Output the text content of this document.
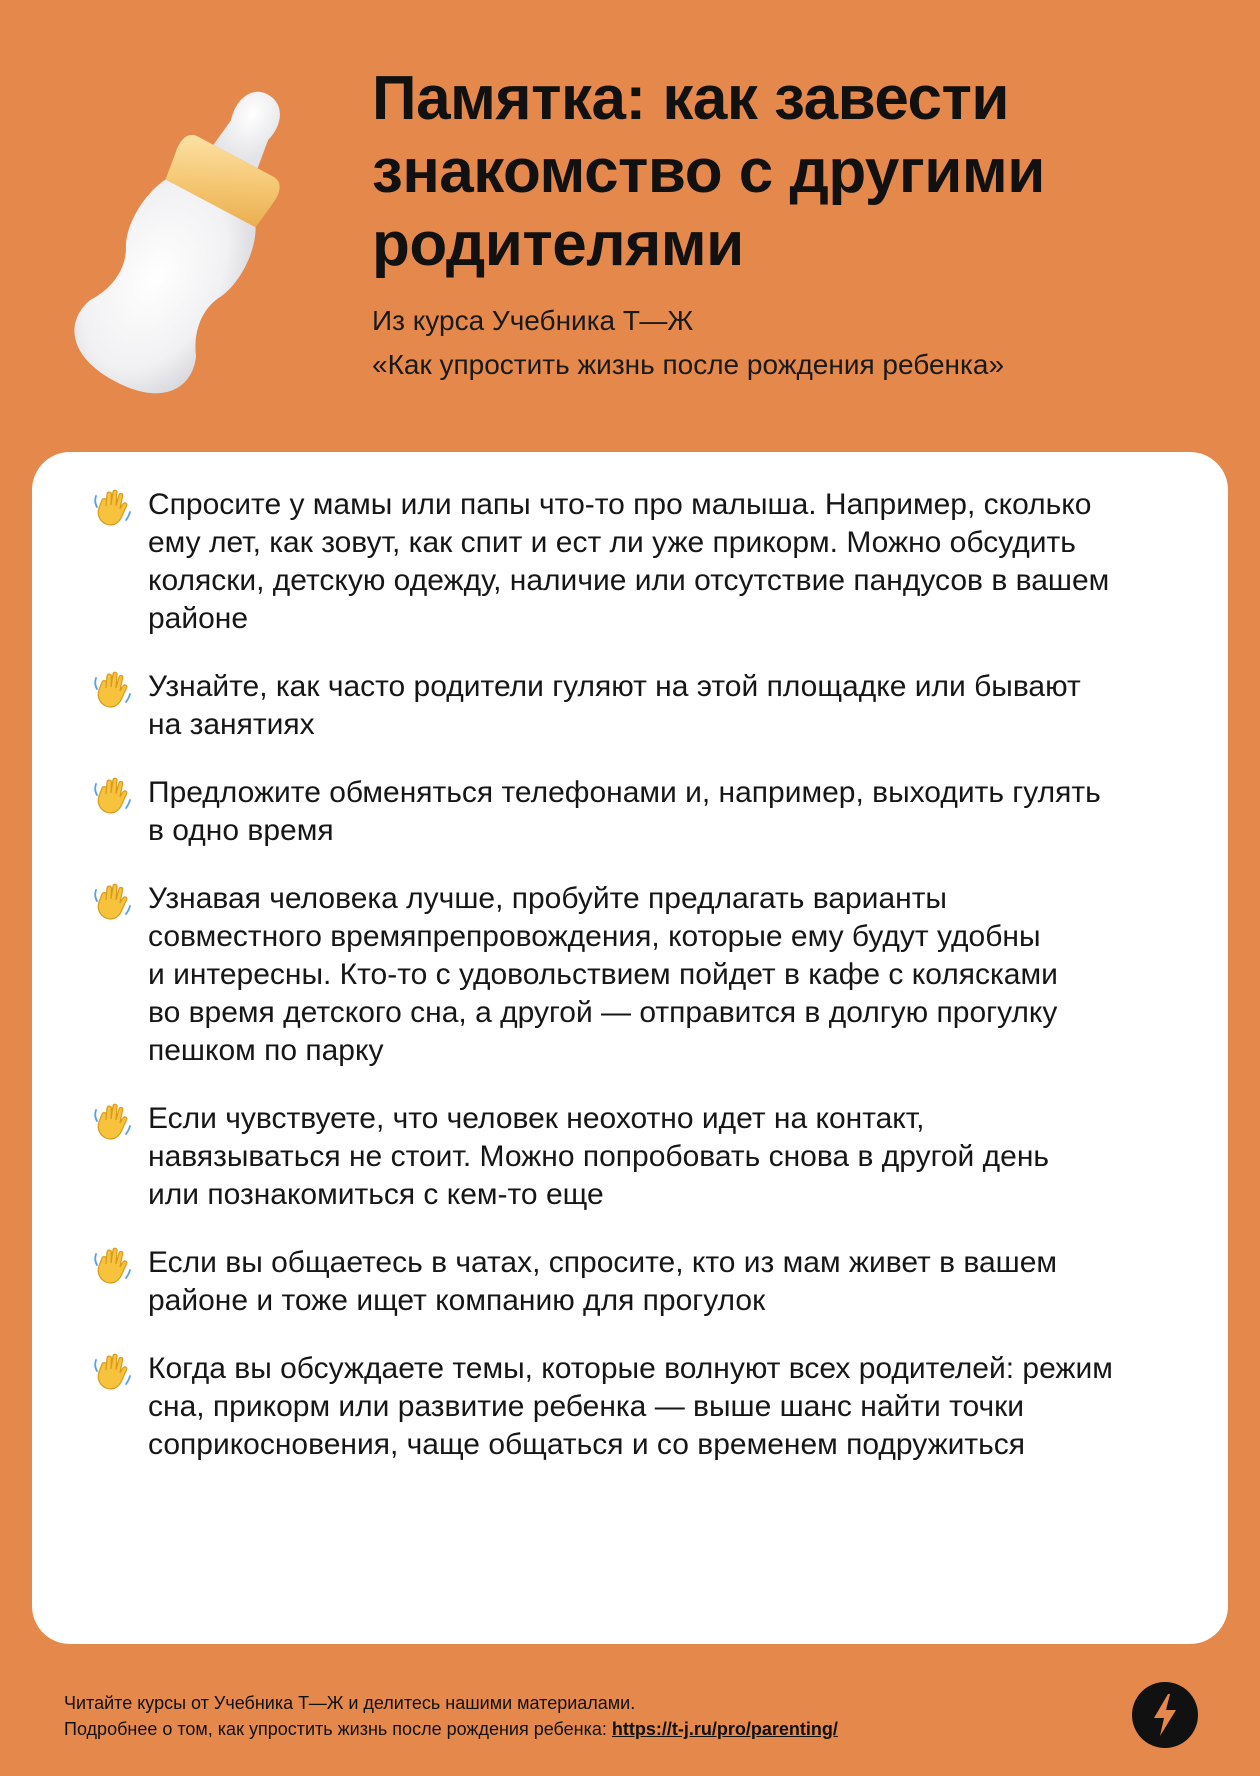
Памятка: как завести
знакомство с другими
родителями
Из курса Учебника Т—Ж
«Как упростить жизнь после рождения ребенка»
Спросите у мамы или папы что-то про малыша. Например, сколько
ему лет, как зовут, как спит и ест ли уже прикорм. Можно обсудить
коляски, детскую одежду, наличие или отсутствие пандусов в вашем
районе
Узнайте, как часто родители гуляют на этой площадке или бывают
на занятиях
Предложите обменяться телефонами и, например, выходить гулять
в одно время
Узнавая человека лучше, пробуйте предлагать варианты
совместного времяпрепровождения, которые ему будут удобны
и интересны. Кто-то с удовольствием пойдет в кафе с колясками
во время детского сна, а другой — отправится в долгую прогулку
пешком по парку
Если чувствуете, что человек неохотно идет на контакт,
навязываться не стоит. Можно попробовать снова в другой день
или познакомиться с кем-то еще
Если вы общаетесь в чатах, спросите, кто из мам живет в вашем
районе и тоже ищет компанию для прогулок
Когда вы обсуждаете темы, которые волнуют всех родителей: режим
сна, прикорм или развитие ребенка — выше шанс найти точки
соприкосновения, чаще общаться и со временем подружиться
Читайте курсы от Учебника Т—Ж и делитесь нашими материалами.
Подробнее о том, как упростить жизнь после рождения ребенка: https://t-j.ru/pro/parenting/
